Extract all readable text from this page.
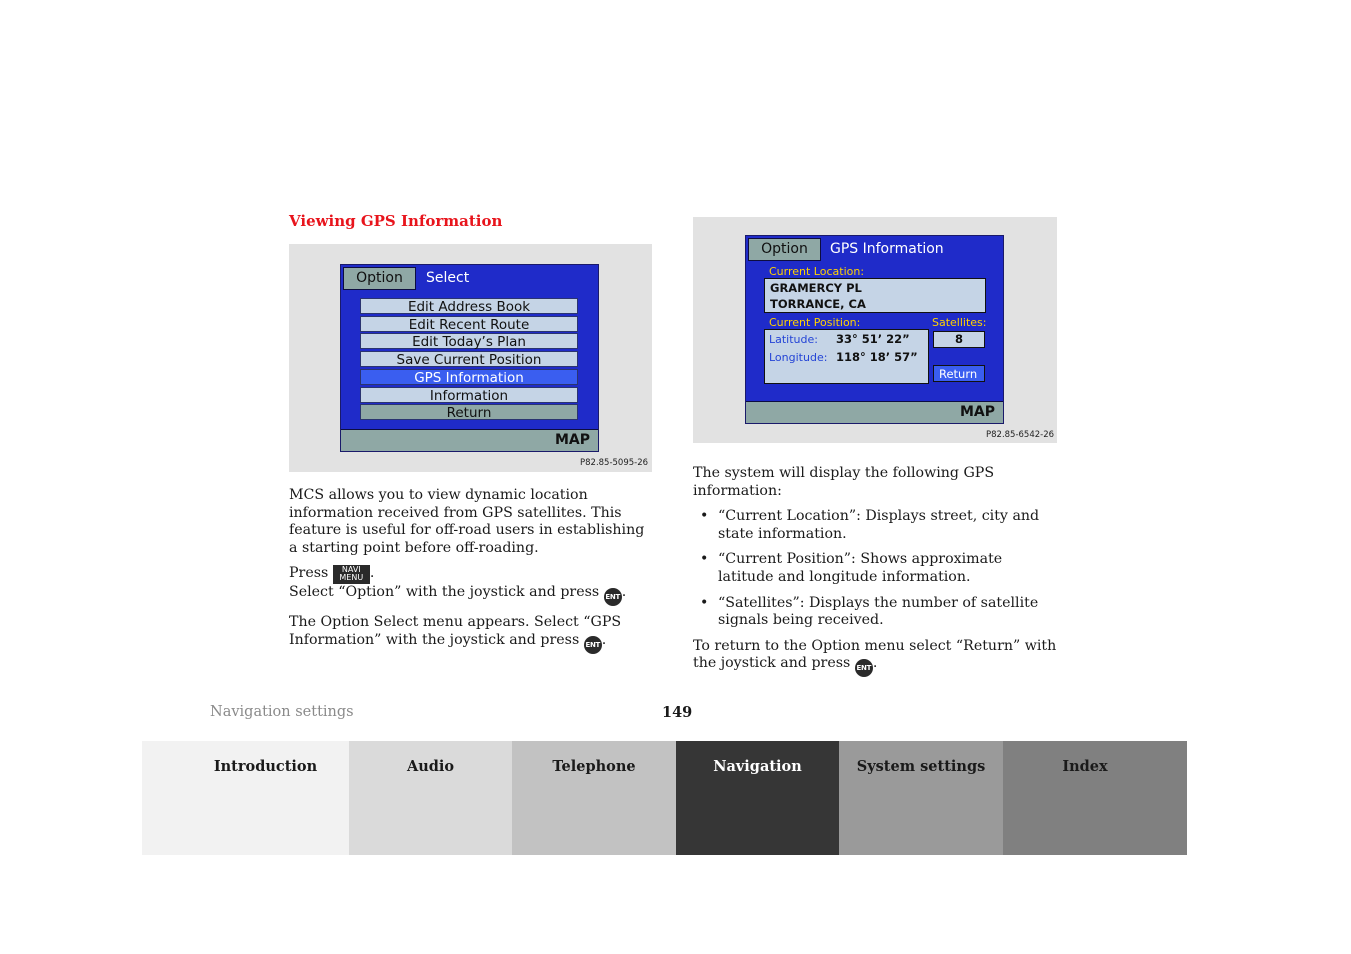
Viewing GPS Information
Option	Select
Edit Address Book
Edit Recent Route
Edit Today’s Plan
Save Current Position
GPS Information
Information
Return
MAP
P82.85-5095-26
Option	GPS Information
Current Location:
GRAMERCY PL
TORRANCE, CA
Current Position:	Satellites:
Latitude: 33° 51’ 22”
Longitude: 118° 18’ 57”
8
Return
MAP
P82.85-6542-26

MCS allows you to view dynamic location information received from GPS satellites. This feature is useful for off-road users in establishing a starting point before off-roading.

Press	NAVI
MENU .
Select “Option” with the joystick and press ENT .

The Option Select menu appears. Select “GPS Information” with the joystick and press ENT .

The system will display the following GPS information:

• “Current Location”: Displays street, city and state information.
• “Current Position”: Shows approximate latitude and longitude information.
• “Satellites”: Displays the number of satellite signals being received.

To return to the Option menu select “Return” with the joystick and press ENT .

Navigation settings	149
Introduction	Audio	Telephone	Navigation	System settings	Index
